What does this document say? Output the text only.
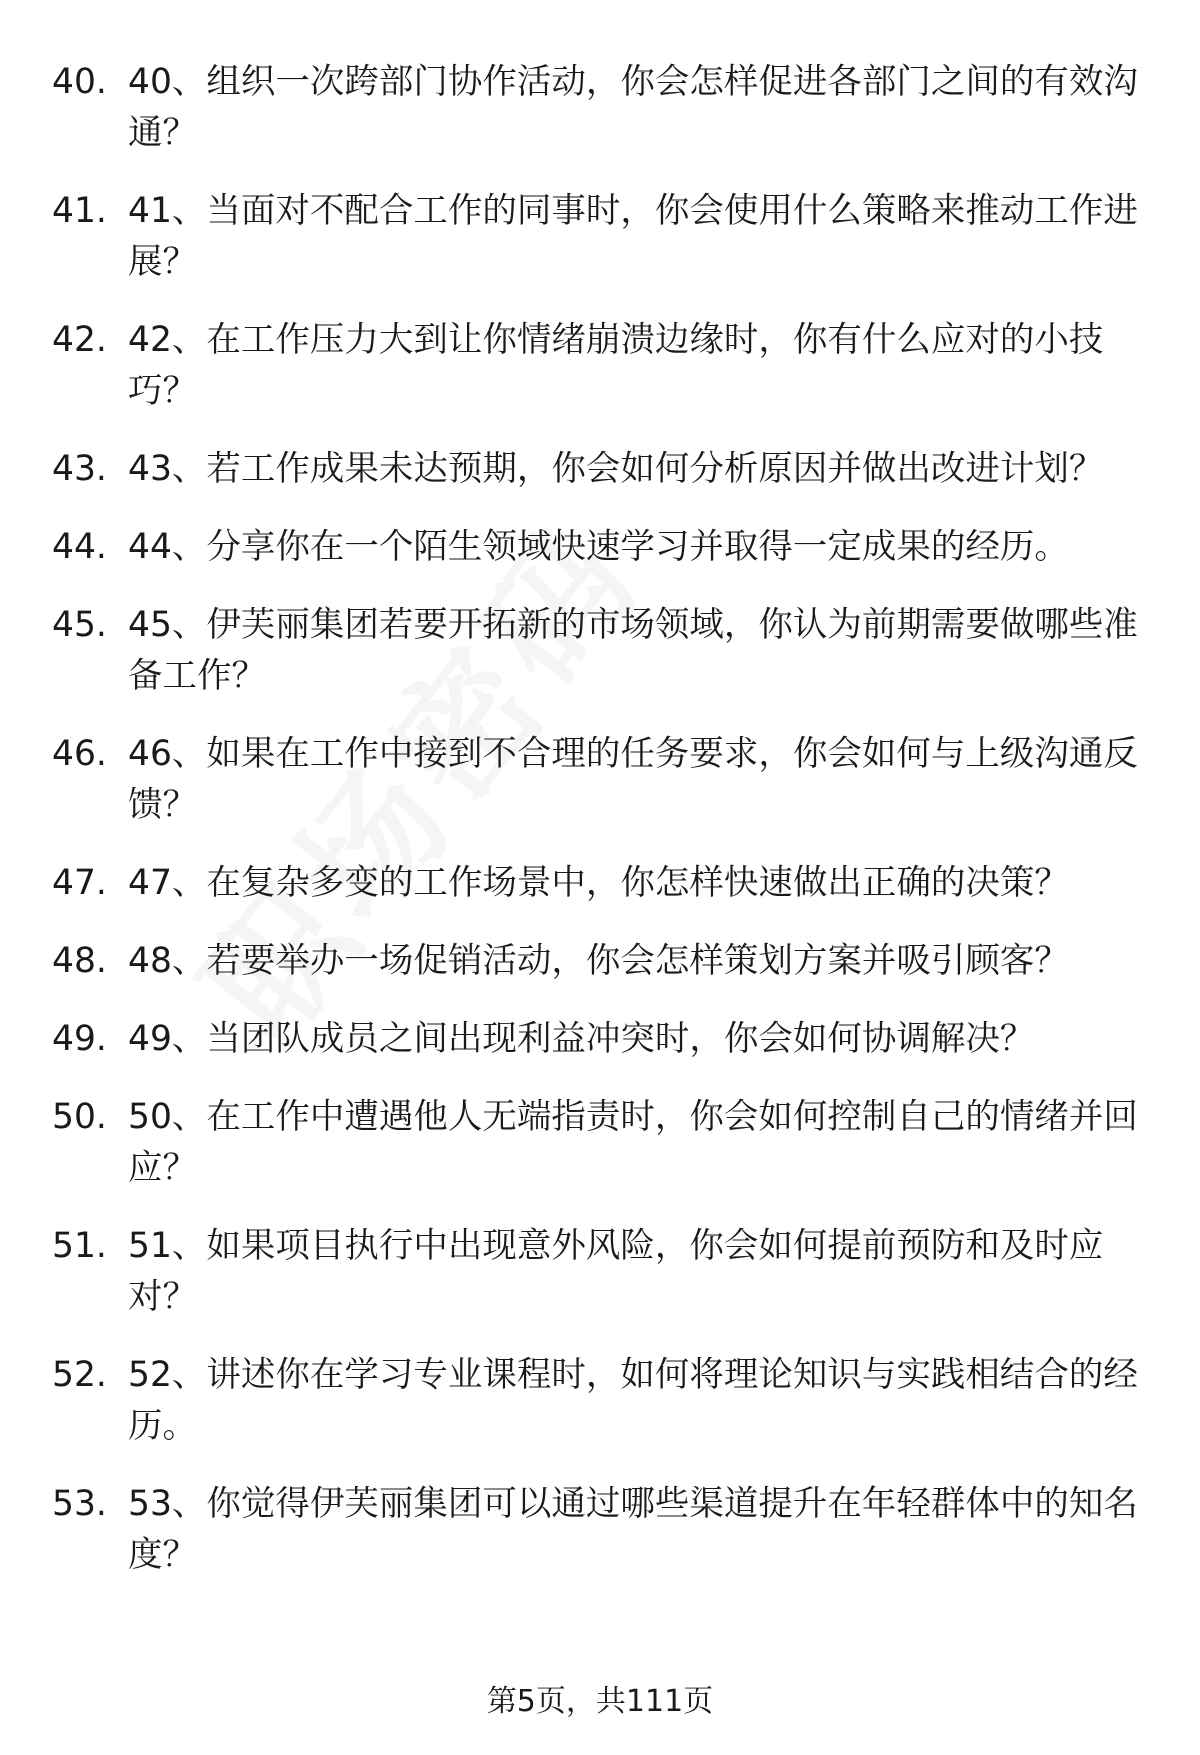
40. 40、组织一次跨部门协作活动，你会怎样促进各部门之间的有效沟通？
41. 41、当面对不配合工作的同事时，你会使用什么策略来推动工作进展？
42. 42、在工作压力大到让你情绪崩溃边缘时，你有什么应对的小技巧？
43. 43、若工作成果未达预期，你会如何分析原因并做出改进计划？
44. 44、分享你在一个陌生领域快速学习并取得一定成果的经历。
45. 45、伊芙丽集团若要开拓新的市场领域，你认为前期需要做哪些准备工作？
46. 46、如果在工作中接到不合理的任务要求，你会如何与上级沟通反馈？
47. 47、在复杂多变的工作场景中，你怎样快速做出正确的决策？
48. 48、若要举办一场促销活动，你会怎样策划方案并吸引顾客？
49. 49、当团队成员之间出现利益冲突时，你会如何协调解决？
50. 50、在工作中遭遇他人无端指责时，你会如何控制自己的情绪并回应？
51. 51、如果项目执行中出现意外风险，你会如何提前预防和及时应对？
52. 52、讲述你在学习专业课程时，如何将理论知识与实践相结合的经历。
53. 53、你觉得伊芙丽集团可以通过哪些渠道提升在年轻群体中的知名度？
第5页，共111页
